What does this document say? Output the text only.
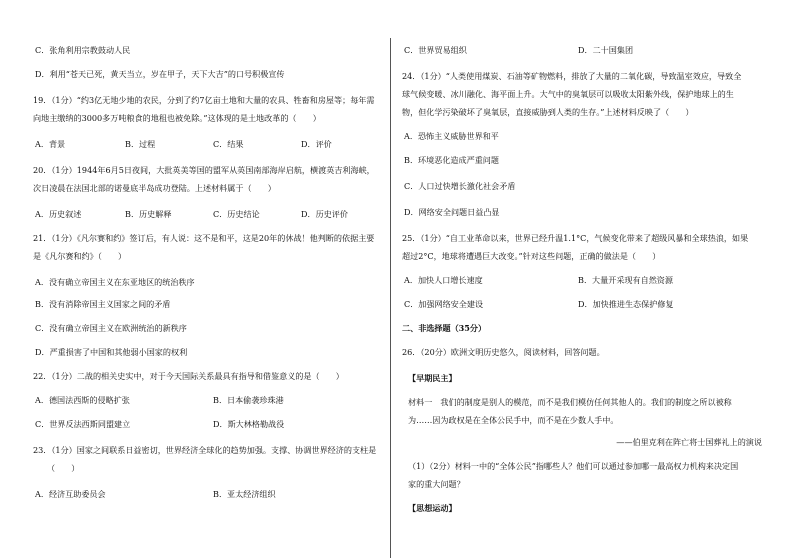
C．张角利用宗教鼓动人民
D．利用“苍天已死，黄天当立，岁在甲子，天下大吉”的口号积极宣传
19．（1分）“约3亿无地少地的农民，分到了约7亿亩土地和大量的农具、牲畜和房屋等；每年需
向地主缴纳的3000多万吨粮食的地租也被免除。”这体现的是土地改革的（　　）
A．背景	B．过程	C．结果	D．评价
20．（1分）1944年6月5日夜间，大批英美等国的盟军从英国南部海岸启航，横渡英吉利海峡，
次日凌晨在法国北部的诺曼底半岛成功登陆。上述材料属于（　　）
A．历史叙述	B．历史解释	C．历史结论	D．历史评价
21．（1分）《凡尔赛和约》签订后，有人说：这不是和平，这是20年的休战！他判断的依据主要
是《凡尔赛和约》（　　）
A．没有确立帝国主义在东亚地区的统治秩序
B．没有消除帝国主义国家之间的矛盾
C．没有确立帝国主义在欧洲统治的新秩序
D．严重损害了中国和其他弱小国家的权利
22．（1分）二战的相关史实中，对于今天国际关系最具有指导和借鉴意义的是（　　）
A．德国法西斯的侵略扩张	B．日本偷袭珍珠港
C．世界反法西斯同盟建立	D．斯大林格勒战役
23．（1分）国家之间联系日益密切，世界经济全球化的趋势加强。支撑、协调世界经济的支柱是
（　　）
A．经济互助委员会	B．亚太经济组织
C．世界贸易组织	D．二十国集团
24．（1分）“人类使用煤炭、石油等矿物燃料，排放了大量的二氧化碳，导致温室效应，导致全
球气候变暖、冰川融化、海平面上升。大气中的臭氧层可以吸收太阳紫外线，保护地球上的生
物，但化学污染破坏了臭氧层，直接威胁到人类的生存。”上述材料反映了（　　）
A．恐怖主义威胁世界和平
B．环境恶化造成严重问题
C．人口过快增长激化社会矛盾
D．网络安全问题日益凸显
25．（1分）“自工业革命以来，世界已经升温1.1°C，气候变化带来了超级风暴和全球热浪，如果
超过2°C，地球将遭遇巨大改变。”针对这些问题，正确的做法是（　　）
A．加快人口增长速度	B．大量开采现有自然资源
C．加强网络安全建设	D．加快推进生态保护修复
二、非选择题（35分）
26．（20分）欧洲文明历史悠久，阅读材料，回答问题。
【早期民主】
材料一　我们的制度是别人的模范，而不是我们模仿任何其他人的。我们的制度之所以被称
为……因为政权是在全体公民手中，而不是在少数人手中。
——伯里克利在阵亡将士国葬礼上的演说
（1）（2分）材料一中的“全体公民”指哪些人？他们可以通过参加哪一最高权力机构来决定国
家的重大问题？
【思想运动】
